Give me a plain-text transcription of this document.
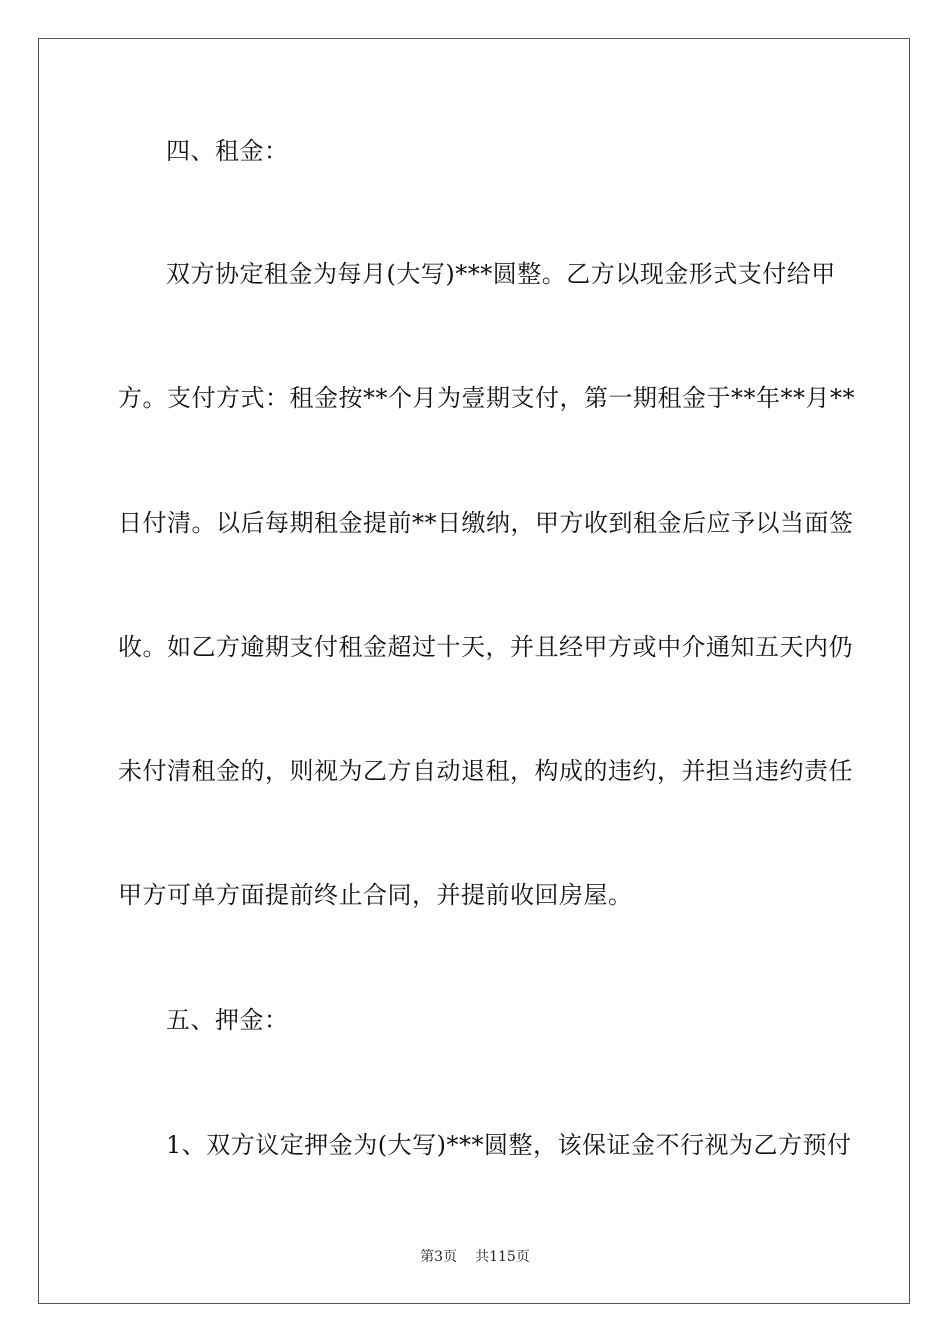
四、租金：
双方协定租金为每月(大写)***圆整。乙方以现金形式支付给甲
方。支付方式：租金按**个月为壹期支付，第一期租金于**年**月**
日付清。以后每期租金提前**日缴纳，甲方收到租金后应予以当面签
收。如乙方逾期支付租金超过十天，并且经甲方或中介通知五天内仍
未付清租金的，则视为乙方自动退租，构成的违约，并担当违约责任
甲方可单方面提前终止合同，并提前收回房屋。
五、押金：
1、双方议定押金为(大写)***圆整，该保证金不行视为乙方预付
第3页 共115页
